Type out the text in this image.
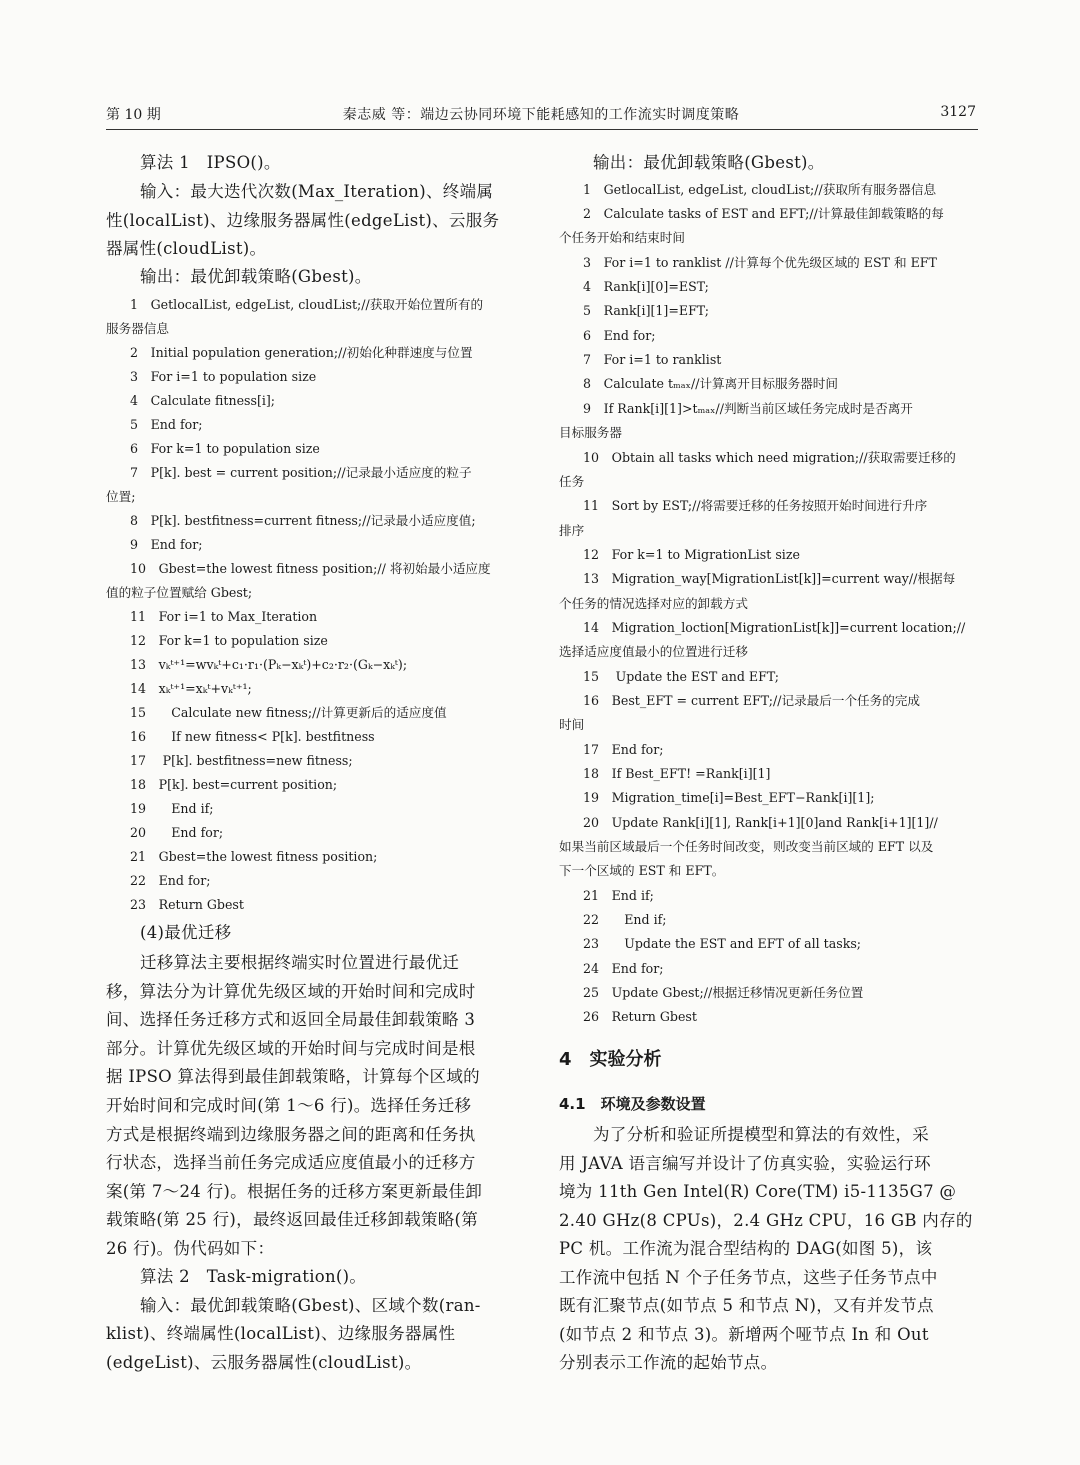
第 10 期	秦志威 等：端边云协同环境下能耗感知的工作流实时调度策略	3127
算法 1　IPSO()。
输入：最大迭代次数(Max_Iteration)、终端属
性(localList)、边缘服务器属性(edgeList)、云服务
器属性(cloudList)。
输出：最优卸载策略(Gbest)。
1　GetlocalList, edgeList, cloudList;//获取开始位置所有的
服务器信息
2　Initial population generation;//初始化种群速度与位置
3　For i=1 to population size
4　Calculate fitness[i];
5　End for;
6　For k=1 to population size
7　P[k]. best = current position;//记录最小适应度的粒子
位置;
8　P[k]. bestfitness=current fitness;//记录最小适应度值;
9　End for;
10　Gbest=the lowest fitness position;// 将初始最小适应度
值的粒子位置赋给 Gbest;
11　For i=1 to Max_Iteration
12　For k=1 to population size
13　vₖᵗ⁺¹=wvₖᵗ+c₁·r₁·(Pₖ−xₖᵗ)+c₂·r₂·(Gₖ−xₖᵗ);
14　xₖᵗ⁺¹=xₖᵗ+vₖᵗ⁺¹;
15　　Calculate new fitness;//计算更新后的适应度值
16　　If new fitness< P[k]. bestfitness
17　 P[k]. bestfitness=new fitness;
18　P[k]. best=current position;
19　　End if;
20　　End for;
21　Gbest=the lowest fitness position;
22　End for;
23　Return Gbest
(4)最优迁移
迁移算法主要根据终端实时位置进行最优迁
移，算法分为计算优先级区域的开始时间和完成时
间、选择任务迁移方式和返回全局最佳卸载策略 3
部分。计算优先级区域的开始时间与完成时间是根
据 IPSO 算法得到最佳卸载策略，计算每个区域的
开始时间和完成时间(第 1～6 行)。选择任务迁移
方式是根据终端到边缘服务器之间的距离和任务执
行状态，选择当前任务完成适应度值最小的迁移方
案(第 7～24 行)。根据任务的迁移方案更新最佳卸
载策略(第 25 行)，最终返回最佳迁移卸载策略(第
26 行)。伪代码如下：
算法 2　Task-migration()。
输入：最优卸载策略(Gbest)、区域个数(ran-
klist)、终端属性(localList)、边缘服务器属性
(edgeList)、云服务器属性(cloudList)。
输出：最优卸载策略(Gbest)。
1　GetlocalList, edgeList, cloudList;//获取所有服务器信息
2　Calculate tasks of EST and EFT;//计算最佳卸载策略的每
个任务开始和结束时间
3　For i=1 to ranklist //计算每个优先级区域的 EST 和 EFT
4　Rank[i][0]=EST;
5　Rank[i][1]=EFT;
6　End for;
7　For i=1 to ranklist
8　Calculate tₘₐₓ//计算离开目标服务器时间
9　If Rank[i][1]>tₘₐₓ//判断当前区域任务完成时是否离开
目标服务器
10　Obtain all tasks which need migration;//获取需要迁移的
任务
11　Sort by EST;//将需要迁移的任务按照开始时间进行升序
排序
12　For k=1 to MigrationList size
13　Migration_way[MigrationList[k]]=current way//根据每
个任务的情况选择对应的卸载方式
14　Migration_loction[MigrationList[k]]=current location;//
选择适应度值最小的位置进行迁移
15　 Update the EST and EFT;
16　Best_EFT = current EFT;//记录最后一个任务的完成
时间
17　End for;
18　If Best_EFT! =Rank[i][1]
19　Migration_time[i]=Best_EFT−Rank[i][1];
20　Update Rank[i][1], Rank[i+1][0]and Rank[i+1][1]//
如果当前区域最后一个任务时间改变，则改变当前区域的 EFT 以及
下一个区域的 EST 和 EFT。
21　End if;
22　　End if;
23　　Update the EST and EFT of all tasks;
24　End for;
25　Update Gbest;//根据迁移情况更新任务位置
26　Return Gbest
4　实验分析
4.1　环境及参数设置
为了分析和验证所提模型和算法的有效性，采
用 JAVA 语言编写并设计了仿真实验，实验运行环
境为 11th Gen Intel(R) Core(TM) i5-1135G7 @
2.40 GHz(8 CPUs)，2.4 GHz CPU，16 GB 内存的
PC 机。工作流为混合型结构的 DAG(如图 5)，该
工作流中包括 N 个子任务节点，这些子任务节点中
既有汇聚节点(如节点 5 和节点 N)，又有并发节点
(如节点 2 和节点 3)。新增两个哑节点 In 和 Out
分别表示工作流的起始节点。
